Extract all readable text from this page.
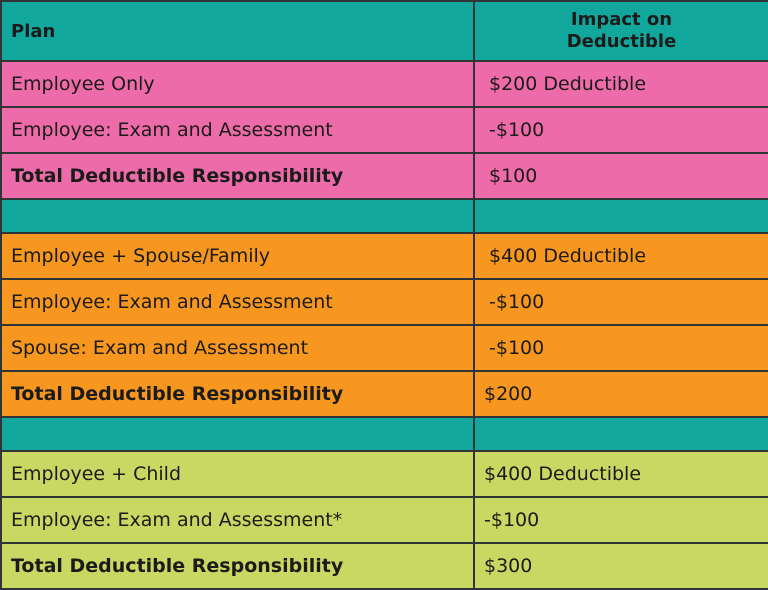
Plan	Impact on
Deductible
Employee Only	$200 Deductible
Employee: Exam and Assessment	-$100
Total Deductible Responsibility	$100

Employee + Spouse/Family	$400 Deductible
Employee: Exam and Assessment	-$100
Spouse: Exam and Assessment	-$100
Total Deductible Responsibility	$200

Employee + Child	$400 Deductible
Employee: Exam and Assessment*	-$100
Total Deductible Responsibility	$300
